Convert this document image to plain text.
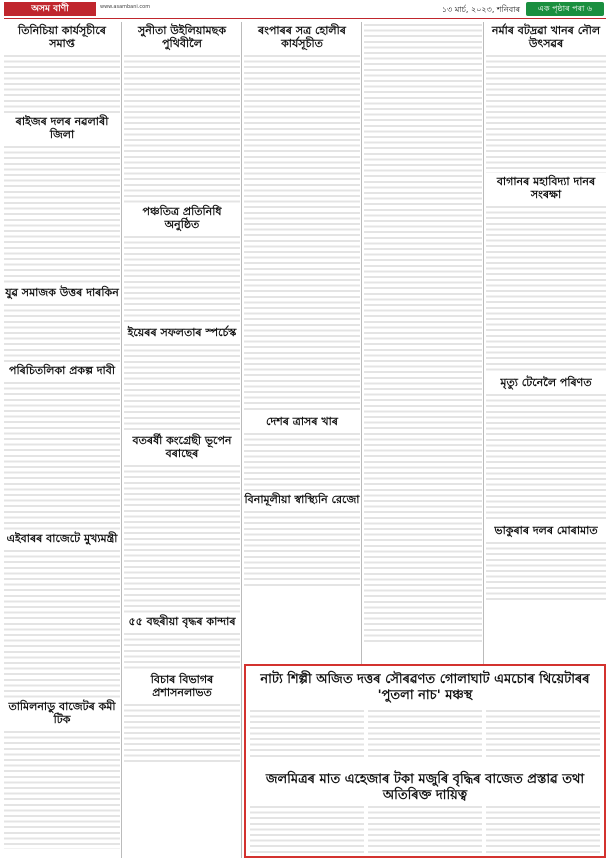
অসম বাণী	www.asambani.com	১৩ মাৰ্চ, ২০২৩, শনিবাৰ	এক পৃষ্ঠাৰ পৰা ৬
তিনিচিয়া কাৰ্যসূচীৰে সমাপ্ত
ৰাইজৰ দলৰ নৱলাৰী জিলা
যুৱ সমাজক উত্তৰ দাৰকিন
পৰিচিতলিকা প্ৰকল্প দাবী
এইবাৰৰ বাজেটে মুখ্যমন্ত্ৰী
তামিলনাডু বাজেটৰ কমী টিক
সুনীতা উইলিয়ামছক পুথিবীলৈ
পঞ্চতিত্ৰ প্ৰতিনিধি অনুষ্ঠিত
ইয়েৰৰ সফলতাৰ স্পৰ্চেস্ক
বতৰৰ্ষী কংগ্ৰেছী ভূপেন বৰাছেৰ
৫৫ বছৰীয়া বৃদ্ধৰ কান্দাৰ
বিচাৰ বিভাগৰ প্ৰশাসনলাভত
ৰংপাৰৰ সত্ৰ হোলীৰ কাৰ্যসূচীত
দেশৰ ত্ৰাসৰ খাৰ
বিনামূলীয়া স্বাস্থ্যিনি রেজো
নৰ্মাৰ বটদ্ৰৱা খানৰ নৌল উৎসৱৰ
বাগানৰ মহাবিদ্যা দানৰ সংৰক্ষা
মৃত্যু টেনেলৈ পৰিণত
ভাকুৰাৰ দলৰ মোৰামাত
নাট্য শিল্পী অজিত দত্তৰ সৌৰৱণত গোলাঘাট এমচোৰ থিয়েটাৰৰ 'পুতলা নাচ' মঞ্চস্থ
জলমিত্ৰৰ মাত এহেজাৰ টকা মজুৰি বৃদ্ধিৰ বাজেত প্ৰস্তাৱ তথা অতিৰিক্ত দায়িত্ব
